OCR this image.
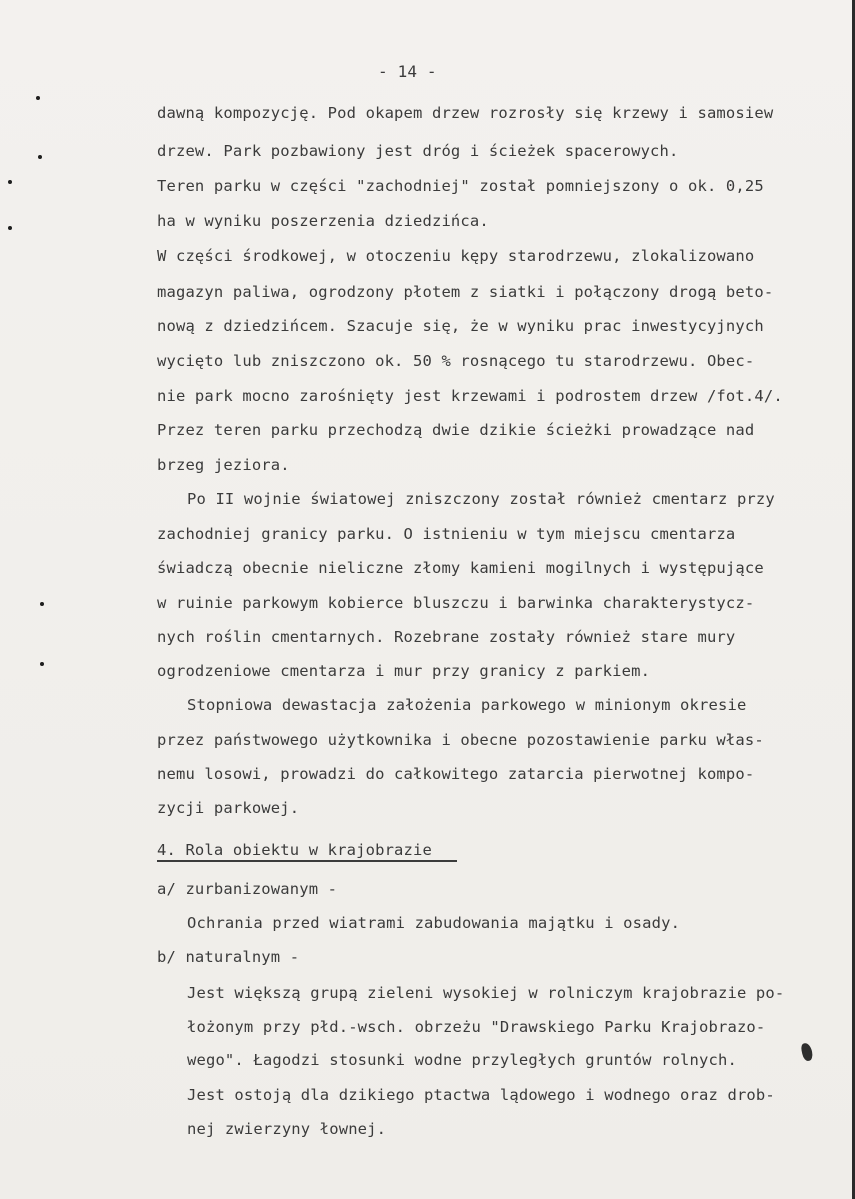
- 14 -
dawną kompozycję. Pod okapem drzew rozrosły się krzewy i samosiew
drzew. Park pozbawiony jest dróg i ścieżek spacerowych.
Teren parku w części "zachodniej" został pomniejszony o ok. 0,25
ha w wyniku poszerzenia dziedzińca.
W części środkowej, w otoczeniu kępy starodrzewu, zlokalizowano
magazyn paliwa, ogrodzony płotem z siatki i połączony drogą beto-
nową z dziedzińcem. Szacuje się, że w wyniku prac inwestycyjnych
wycięto lub zniszczono ok. 50 % rosnącego tu starodrzewu. Obec-
nie park mocno zarośnięty jest krzewami i podrostem drzew /fot.4/.
Przez teren parku przechodzą dwie dzikie ścieżki prowadzące nad
brzeg jeziora.
Po II wojnie światowej zniszczony został również cmentarz przy
zachodniej granicy parku. O istnieniu w tym miejscu cmentarza
świadczą obecnie nieliczne złomy kamieni mogilnych i występujące
w ruinie parkowym kobierce bluszczu i barwinka charakterystycz-
nych roślin cmentarnych. Rozebrane zostały również stare mury
ogrodzeniowe cmentarza i mur przy granicy z parkiem.
Stopniowa dewastacja założenia parkowego w minionym okresie
przez państwowego użytkownika i obecne pozostawienie parku włas-
nemu losowi, prowadzi do całkowitego zatarcia pierwotnej kompo-
zycji parkowej.
4. Rola obiektu w krajobrazie
a/ zurbanizowanym -
Ochrania przed wiatrami zabudowania majątku i osady.
b/ naturalnym -
Jest większą grupą zieleni wysokiej w rolniczym krajobrazie po-
łożonym przy płd.-wsch. obrzeżu "Drawskiego Parku Krajobrazo-
wego". Łagodzi stosunki wodne przyległych gruntów rolnych.
Jest ostoją dla dzikiego ptactwa lądowego i wodnego oraz drob-
nej zwierzyny łownej.
